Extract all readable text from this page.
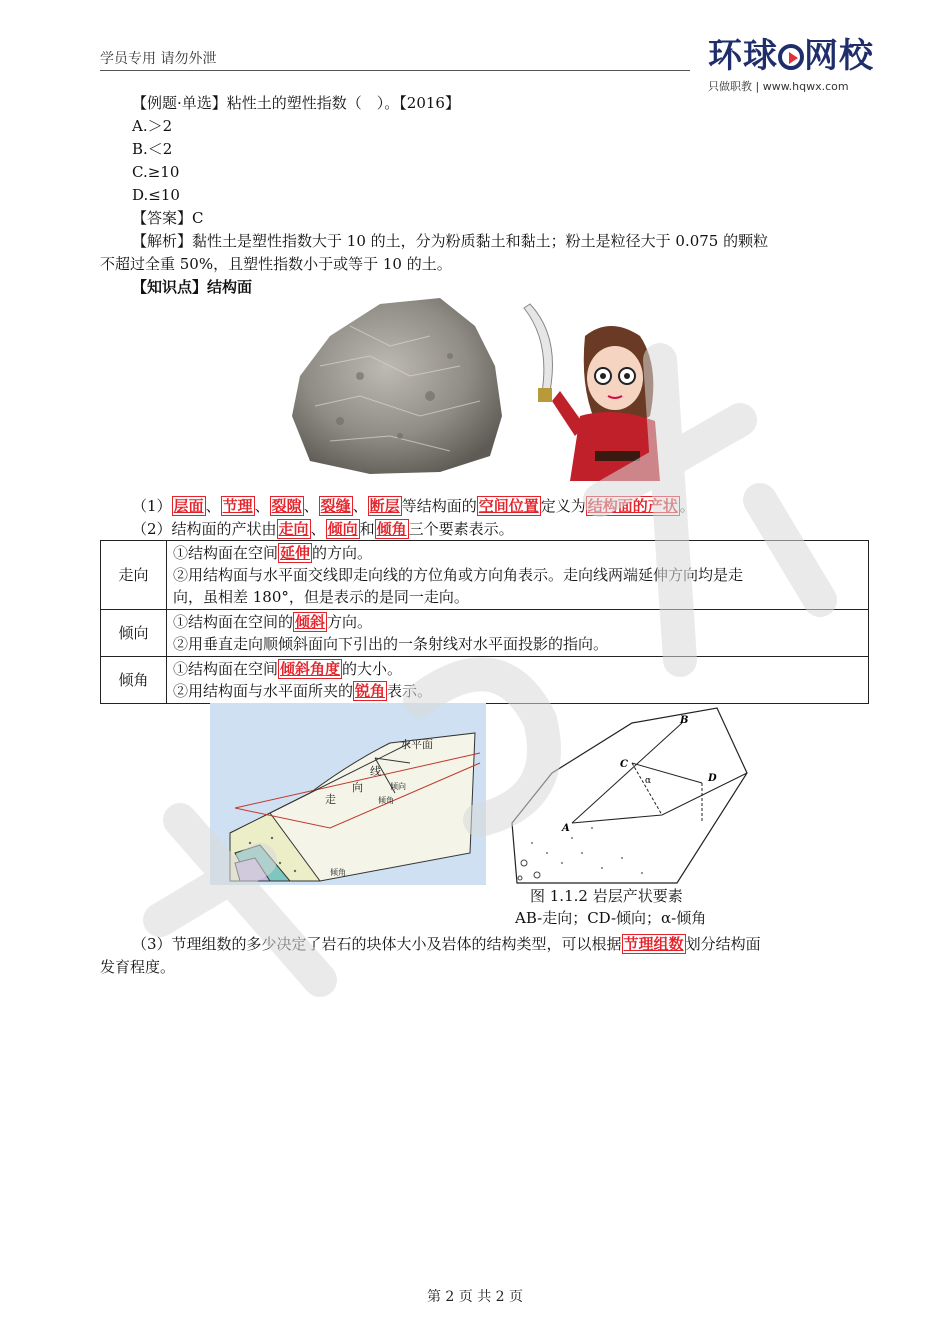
学员专用 请勿外泄	环球 网校
只做职教 | www.hqwx.com
【例题·单选】粘性土的塑性指数（　）。【2016】
A.＞2
B.＜2
C.≥10
D.≤10
【答案】C
【解析】黏性土是塑性指数大于 10 的土，分为粉质黏土和黏土；粉土是粒径大于 0.075 的颗粒
不超过全重 50%，且塑性指数小于或等于 10 的土。
【知识点】结构面
（1） 层面 、 节理 、 裂隙 、 裂缝 、 断层 等结构面的 空间位置 定义为 结构面的产状 。
（2）结构面的产状由 走向 、 倾向 和 倾角 三个要素表示。
走向	①结构面在空间 延伸 的方向。
②用结构面与水平面交线即走向线的方位角或方向角表示。走向线两端延伸方向均是走
向，虽相差 180°，但是表示的是同一走向。

倾向	①结构面在空间的 倾斜 方向。
②用垂直走向顺倾斜面向下引出的一条射线对水平面投影的指向。

倾角	①结构面在空间 倾斜角度 的大小。
②用结构面与水平面所夹的 锐角 表示。
水平面
走
向
线
倾向
倾角
倾角
B
C
A
D
α
图 1.1.2 岩层产状要素
AB-走向；CD-倾向；α-倾角
（3）节理组数的多少决定了岩石的块体大小及岩体的结构类型，可以根据 节理组数 划分结构面
发育程度。
第 2 页 共 2 页
